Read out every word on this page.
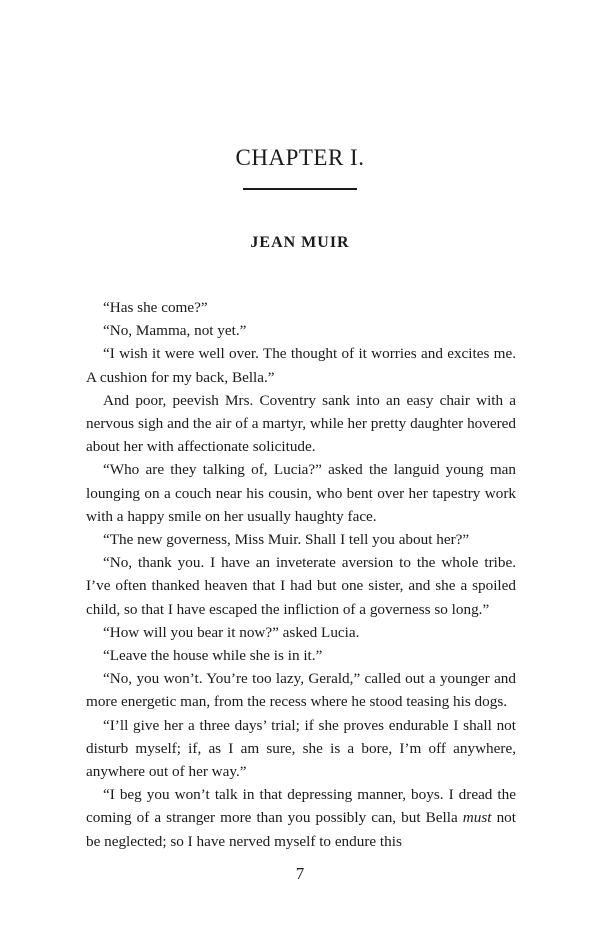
CHAPTER I.
JEAN MUIR

“Has she come?”

“No, Mamma, not yet.”

“I wish it were well over. The thought of it worries and excites me. A cushion for my back, Bella.”

And poor, peevish Mrs. Coventry sank into an easy chair with a nervous sigh and the air of a martyr, while her pretty daughter hovered about her with affectionate solicitude.

“Who are they talking of, Lucia?” asked the languid young man lounging on a couch near his cousin, who bent over her tapestry work with a happy smile on her usually haughty face.

“The new governess, Miss Muir. Shall I tell you about her?”

“No, thank you. I have an inveterate aversion to the whole tribe. I’ve often thanked heaven that I had but one sister, and she a spoiled child, so that I have escaped the infliction of a governess so long.”

“How will you bear it now?” asked Lucia.

“Leave the house while she is in it.”

“No, you won’t. You’re too lazy, Gerald,” called out a younger and more energetic man, from the recess where he stood teasing his dogs.

“I’ll give her a three days’ trial; if she proves endurable I shall not disturb myself; if, as I am sure, she is a bore, I’m off anywhere, anywhere out of her way.”

“I beg you won’t talk in that depressing manner, boys. I dread the coming of a stranger more than you possibly can, but Bella must not be neglected; so I have nerved myself to endure this

7
